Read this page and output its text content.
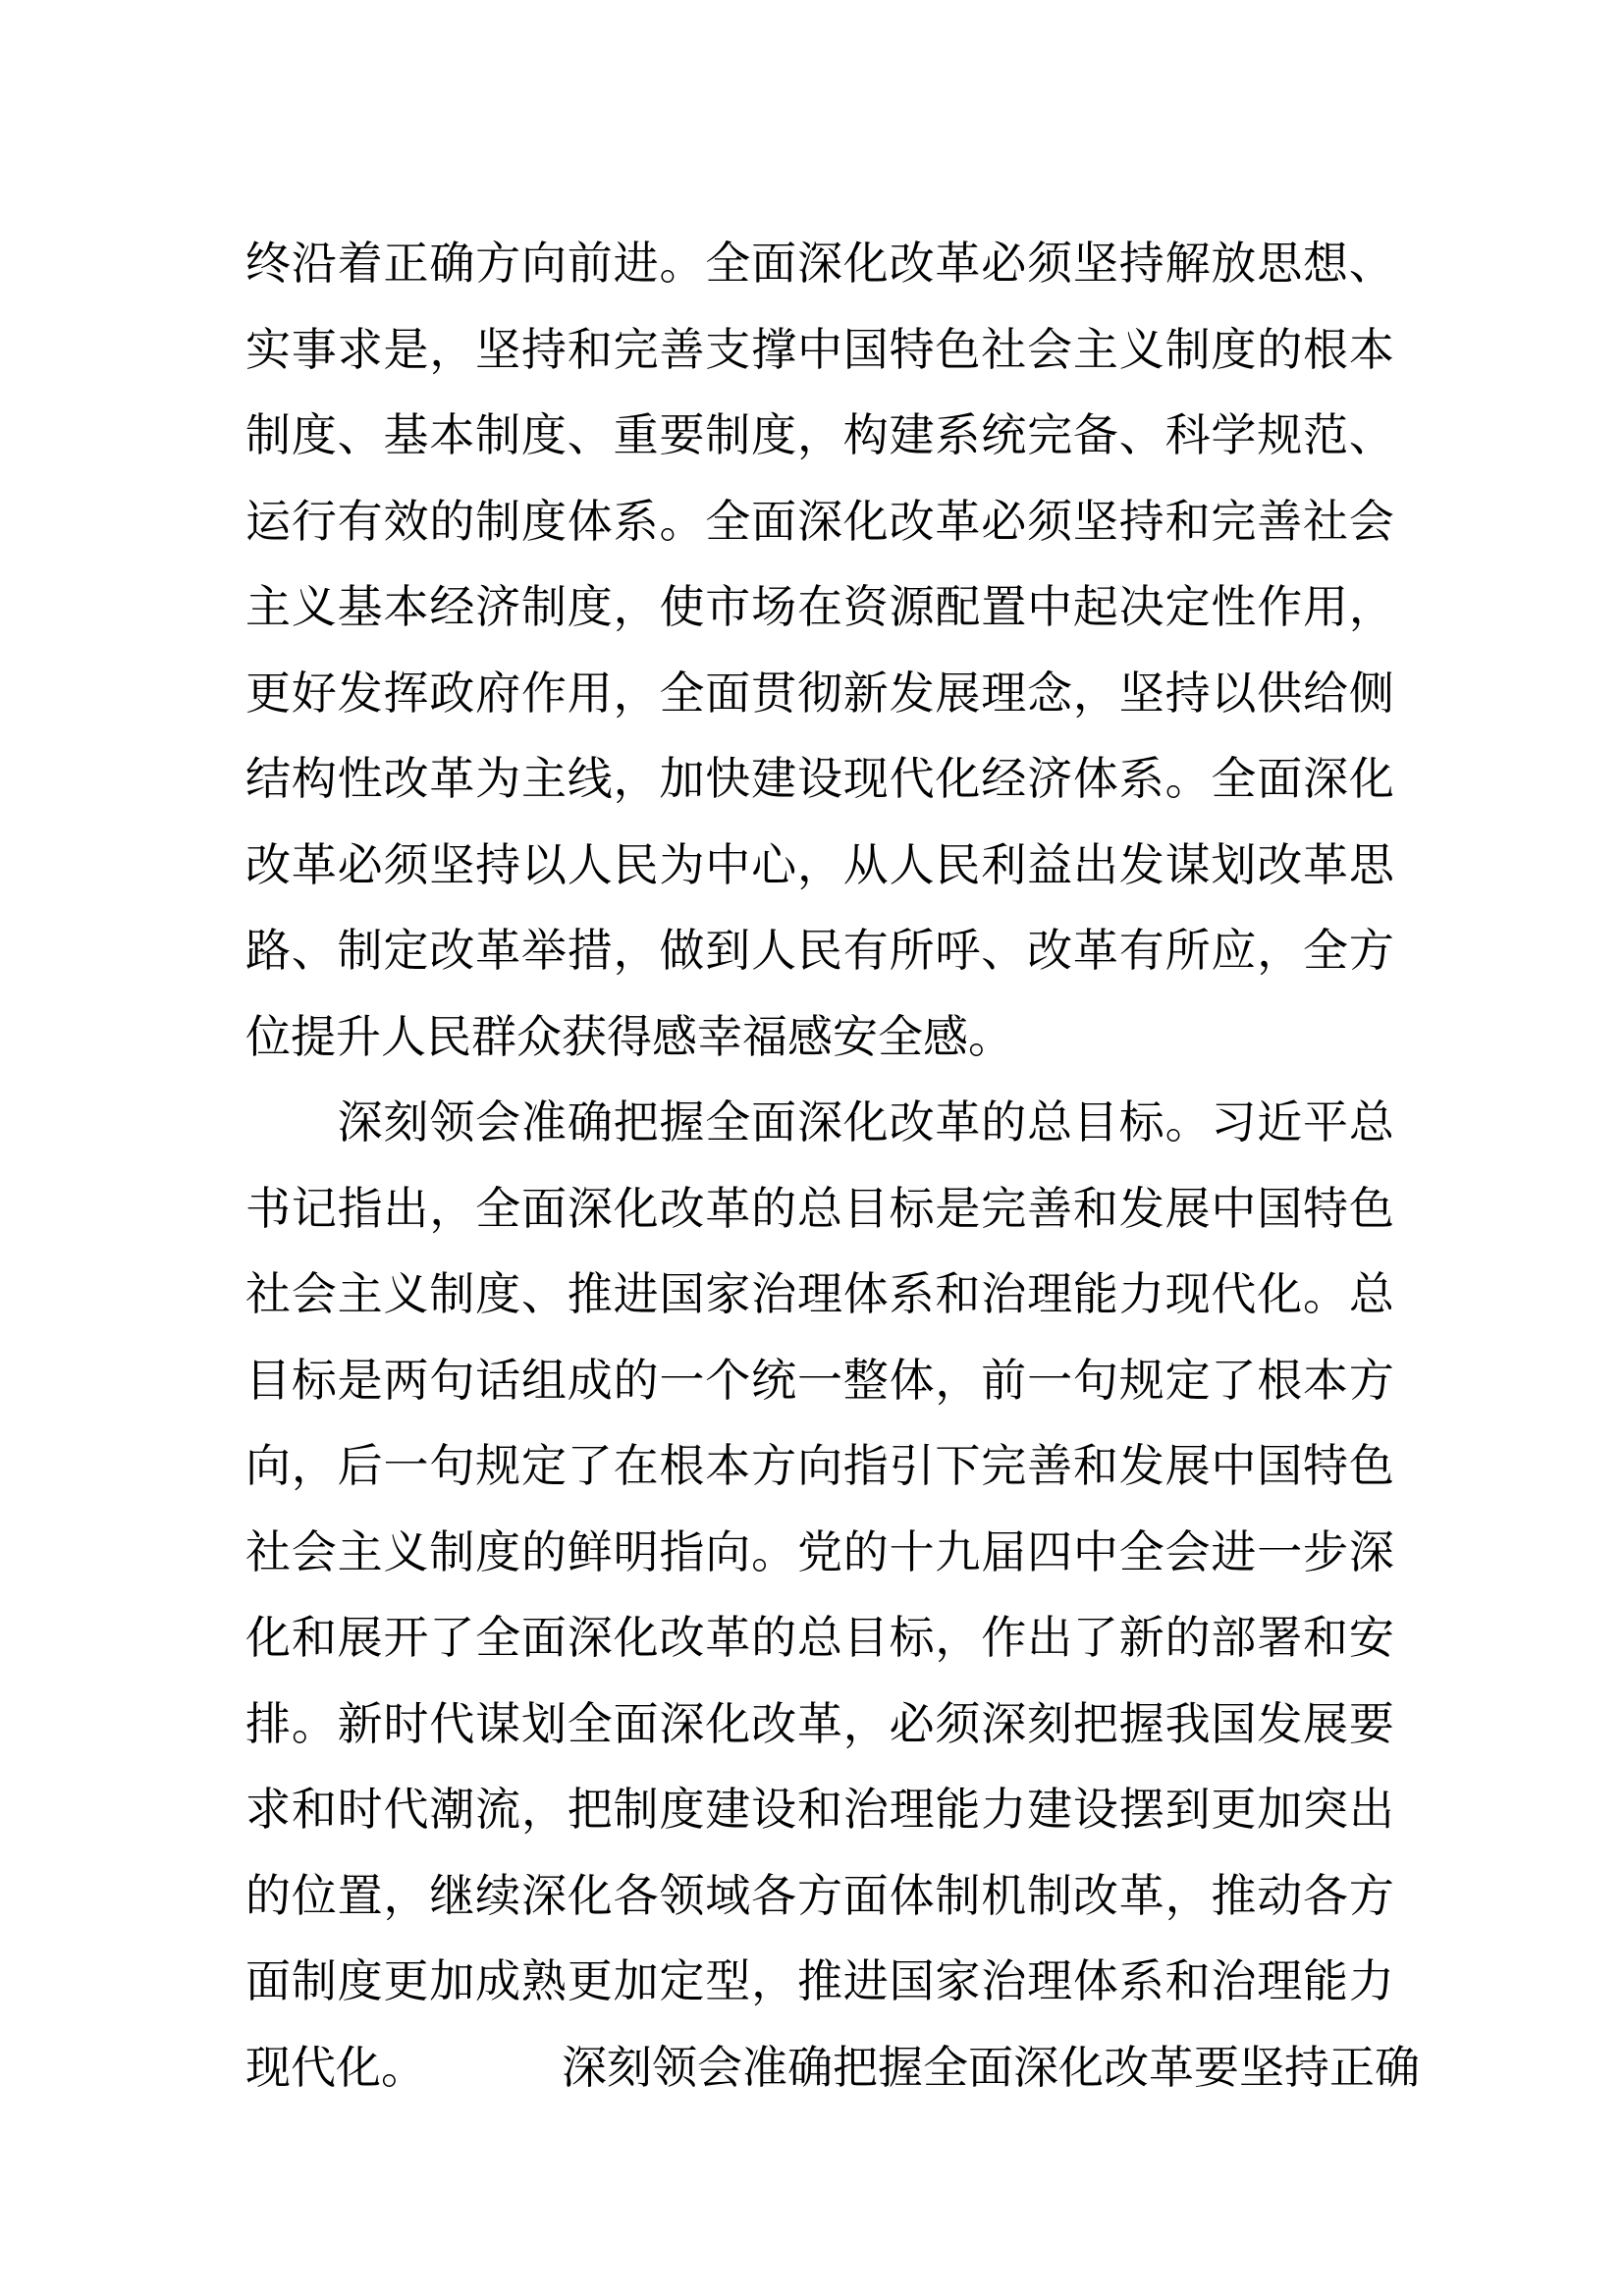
终 沿 着 正 确 方 向 前 进 。 全 面 深 化 改 革 必 须 坚 持 解 放 思 想 、
实 事 求 是 ， 坚 持 和 完 善 支 撑 中 国 特 色 社 会 主 义 制 度 的 根 本
制 度 、 基 本 制 度 、 重 要 制 度 ， 构 建 系 统 完 备 、 科 学 规 范 、
运 行 有 效 的 制 度 体 系 。 全 面 深 化 改 革 必 须 坚 持 和 完 善 社 会
主 义 基 本 经 济 制 度 ， 使 市 场 在 资 源 配 置 中 起 决 定 性 作 用 ，
更 好 发 挥 政 府 作 用 ， 全 面 贯 彻 新 发 展 理 念 ， 坚 持 以 供 给 侧
结 构 性 改 革 为 主 线 ， 加 快 建 设 现 代 化 经 济 体 系 。 全 面 深 化
改 革 必 须 坚 持 以 人 民 为 中 心 ， 从 人 民 利 益 出 发 谋 划 改 革 思
路 、 制 定 改 革 举 措 ， 做 到 人 民 有 所 呼 、 改 革 有 所 应 ， 全 方
位 提 升 人 民 群 众 获 得 感 幸 福 感 安 全 感 。

深 刻 领 会 准 确 把 握 全 面 深 化 改 革 的 总 目 标 。 习 近 平 总
书 记 指 出 ， 全 面 深 化 改 革 的 总 目 标 是 完 善 和 发 展 中 国 特 色
社 会 主 义 制 度 、 推 进 国 家 治 理 体 系 和 治 理 能 力 现 代 化 。 总
目 标 是 两 句 话 组 成 的 一 个 统 一 整 体 ， 前 一 句 规 定 了 根 本 方
向 ， 后 一 句 规 定 了 在 根 本 方 向 指 引 下 完 善 和 发 展 中 国 特 色
社 会 主 义 制 度 的 鲜 明 指 向 。 党 的 十 九 届 四 中 全 会 进 一 步 深
化 和 展 开 了 全 面 深 化 改 革 的 总 目 标 ， 作 出 了 新 的 部 署 和 安
排 。 新 时 代 谋 划 全 面 深 化 改 革 ， 必 须 深 刻 把 握 我 国 发 展 要
求 和 时 代 潮 流 ， 把 制 度 建 设 和 治 理 能 力 建 设 摆 到 更 加 突 出
的 位 置 ， 继 续 深 化 各 领 域 各 方 面 体 制 机 制 改 革 ， 推 动 各 方
面 制 度 更 加 成 熟 更 加 定 型 ， 推 进 国 家 治 理 体 系 和 治 理 能 力
现 代 化 。

　	深 刻 领 会 准 确 把 握 全 面 深 化 改 革 要 坚 持 正 确
